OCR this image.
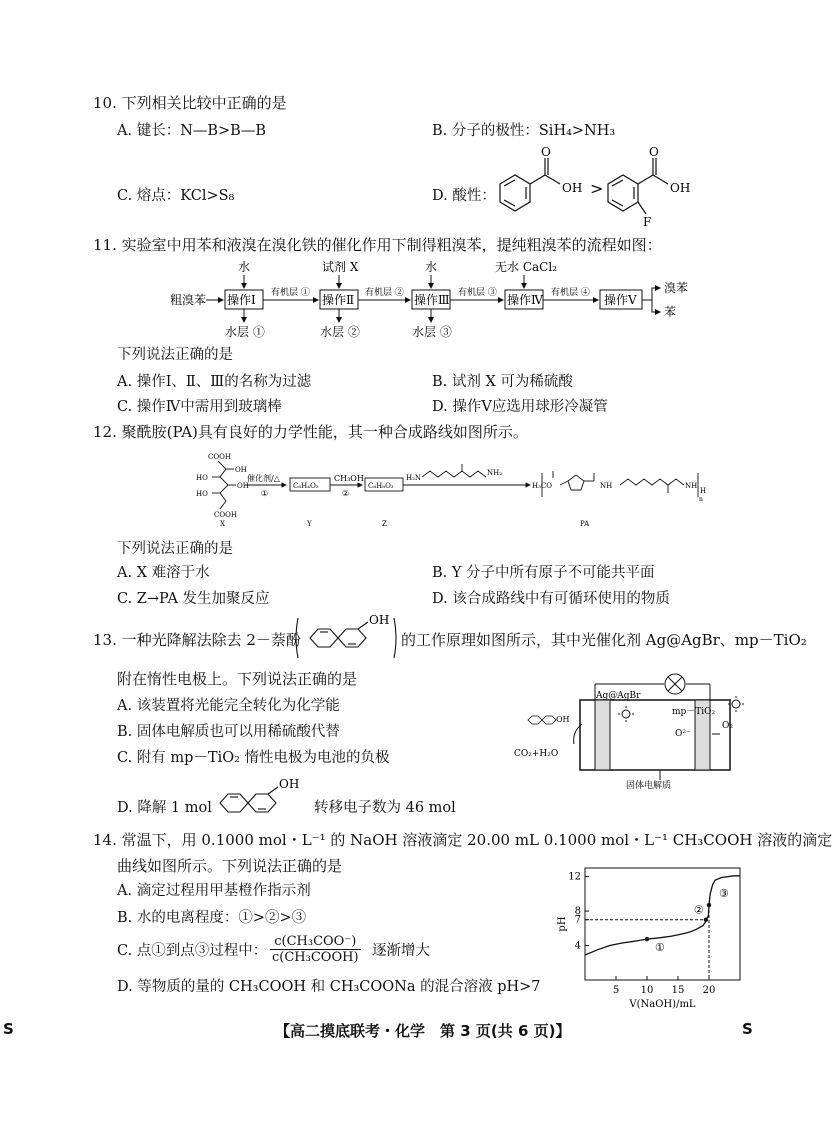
10. 下列相关比较中正确的是
A. 键长：N—B>B—B	B. 分子的极性：SiH₄>NH₃
C. 熔点：KCl>S₈	D. 酸性：
O
OH >
O
OH
F
11. 实验室中用苯和液溴在溴化铁的催化作用下制得粗溴苯，提纯粗溴苯的流程如图：
粗溴苯 操作Ⅰ	操作Ⅱ	操作Ⅲ	操作Ⅳ	操作Ⅴ
水	试剂 X	水	无水 CaCl₂
有机层 ①	有机层 ②	有机层 ③	有机层 ④
水层 ①	水层 ②	水层 ③
溴苯
苯
下列说法正确的是
A. 操作Ⅰ、Ⅱ、Ⅲ的名称为过滤	B. 试剂 X 可为稀硫酸
C. 操作Ⅳ中需用到玻璃棒	D. 操作Ⅴ应选用球形冷凝管
12. 聚酰胺(PA)具有良好的力学性能，其一种合成路线如图所示。
COOH
OH
HO
OH
HO
COOH
催化剂/△
①
C₆H₄O₃
CH₃OH
②
C₈H₈O₃
H₂N
NH₂
H₃CO	NH	NH
H
n
X	Y	Z	PA
下列说法正确的是
A. X 难溶于水	B. Y 分子中所有原子不可能共平面
C. Z→PA 发生加聚反应	D. 该合成路线中有可循环使用的物质
13. 一种光降解法除去 2－萘酚
OH
的工作原理如图所示，其中光催化剂 Ag@AgBr、mp－TiO₂
附在惰性电极上。下列说法正确的是
A. 该装置将光能完全转化为化学能
B. 固体电解质也可以用稀硫酸代替
C. 附有 mp－TiO₂ 惰性电极为电池的负极
D. 降解 1 mol
OH
转移电子数为 46 mol
OH
Ag@AgBr
mp－TiO₂
CO₂+H₂O
O²⁻
O₂
固体电解质
14. 常温下，用 0.1000 mol・L⁻¹ 的 NaOH 溶液滴定 20.00 mL 0.1000 mol・L⁻¹ CH₃COOH 溶液的滴定
曲线如图所示。下列说法正确的是
A. 滴定过程用甲基橙作指示剂
B. 水的电离程度：①>②>③
C. 点①到点③过程中：
c(CH₃COO⁻)
c(CH₃COOH) 逐渐增大
D. 等物质的量的 CH₃COOH 和 CH₃COONa 的混合溶液 pH>7	5 10 15 20
4
7
8
12
V(NaOH)/mL
pH
①
②
③
S	【高二摸底联考・化学　第 3 页(共 6 页)】	S
